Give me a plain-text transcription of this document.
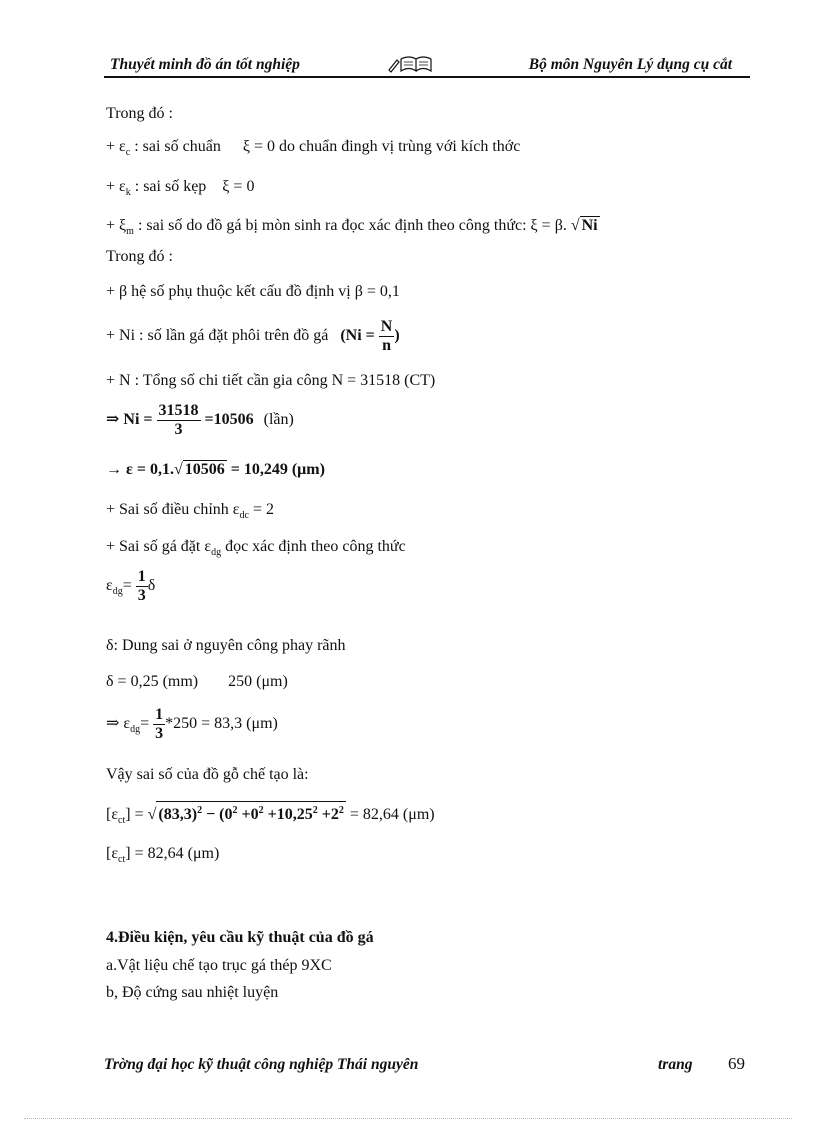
Thuyết minh đồ án tốt nghiệp	Bộ môn Nguyên Lý dụng cụ cắt
Trong đó :
+ $\varepsilon_c$ : sai số chuẩn ξ = 0 do chuẩn đingh vị trùng với kích thớc
+ $\varepsilon_k$ : sai số kẹp ξ = 0
+ $\xi_m$ : sai số do đồ gá bị mòn sinh ra đọc xác định theo công thức: ξ = β. √ Ni
Trong đó :
+ β hệ số phụ thuộc kết cấu đồ định vị β = 0,1
+ Ni : số lần gá đặt phôi trên đồ gá ($Ni = \frac{N}{n}$ )
+ N : Tổng số chi tiết cần gia công N = 31518 (CT)
⇒ $Ni = \frac{31518}{3} =10506$ (lần)
→ ε = 0,1.√ 10506 = 10,249 (μm)
+ Sai số điều chỉnh $\varepsilon_{dc} = 2$
+ Sai số gá đặt $\varepsilon_{dg}$ đọc xác định theo công thức
$\varepsilon_{dg}= \frac{1}{3}$ δ
δ: Dung sai ở nguyên công phay rãnh
δ = 0,25 (mm) 250 (μm)
⇒ $\varepsilon_{dg}= \frac{1}{3} *250 = 83,3$ (μm)
Vậy sai số của đồ gỗ chế tạo là:
$[\varepsilon_{ct}]$ = √ $(83,3)^2 - (0^2 +0^2 +10,25^2 +2^2 = 82,64$ (μm)
$[\varepsilon_{ct}] = 82,64$ (μm)
4.Điều kiện, yêu cầu kỹ thuật của đồ gá
a.Vật liệu chế tạo trục gá thép 9XC
b, Độ cứng sau nhiệt luyện
Trờng đại học kỹ thuật công nghiệp Thái nguyên	trang 69
